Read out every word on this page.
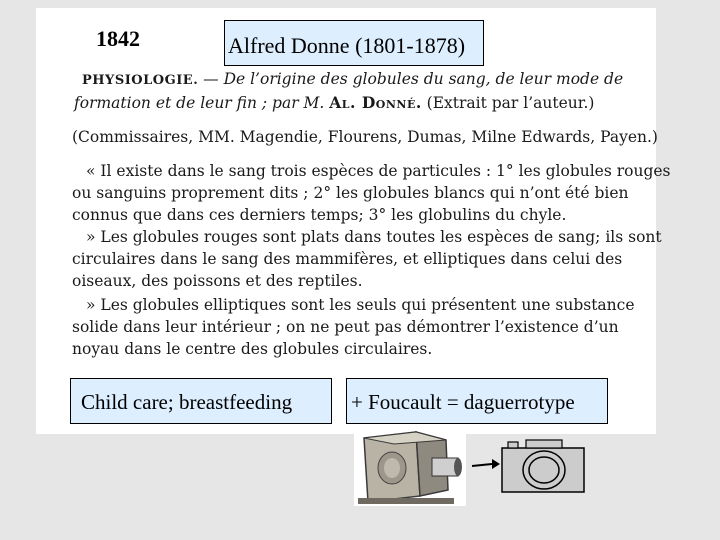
1842	Alfred Donne (1801-1878)
PHYSIOLOGIE. — De l’origine des globules du sang, de leur mode de
formation et de leur fin ; par M. Al. Donné. (Extrait par l’auteur.)
(Commissaires, MM. Magendie, Flourens, Dumas, Milne Edwards, Payen.)
« Il existe dans le sang trois espèces de particules : 1° les globules rouges
ou sanguins proprement dits ; 2° les globules blancs qui n’ont été bien
connus que dans ces derniers temps; 3° les globulins du chyle.
» Les globules rouges sont plats dans toutes les espèces de sang; ils sont
circulaires dans le sang des mammifères, et elliptiques dans celui des
oiseaux, des poissons et des reptiles.
» Les globules elliptiques sont les seuls qui présentent une substance
solide dans leur intérieur ; on ne peut pas démontrer l’existence d’un
noyau dans le centre des globules circulaires.
Child care; breastfeeding	+ Foucault = daguerrotype
